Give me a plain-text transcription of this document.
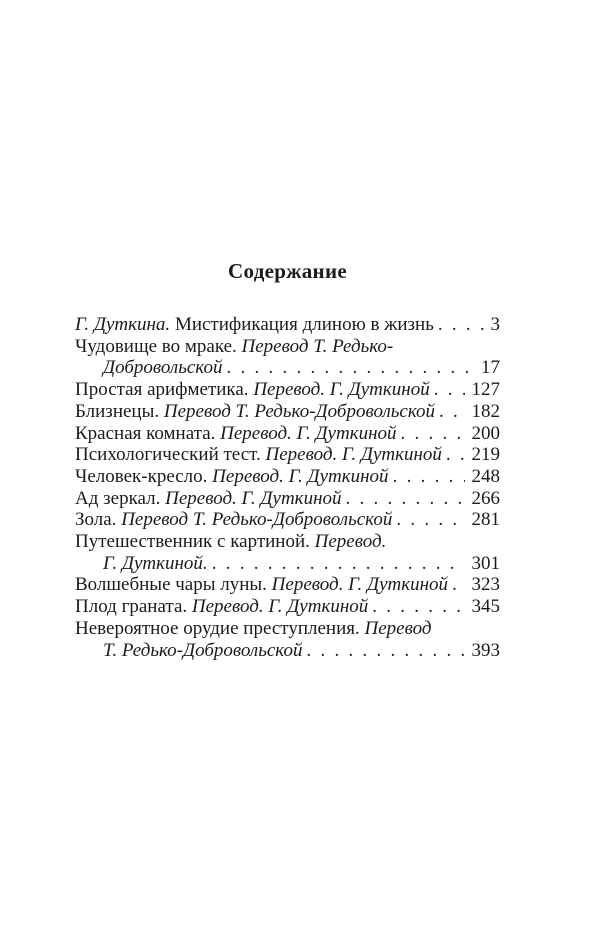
Содержание
Г. Дуткина. Мистификация длиною в жизнь . . .	3
Чудовище во мраке. Перевод Т. Редько-
Добровольской . . .	17
Простая арифметика. Перевод. Г. Дуткиной . . . 127
Близнецы. Перевод Т. Редько-Добровольской . . . 182
Красная комната. Перевод. Г. Дуткиной . . .	200
Психологический тест. Перевод. Г. Дуткиной . . . 219
Человек-кресло. Перевод. Г. Дуткиной . . .	248
Ад зеркал. Перевод. Г. Дуткиной . . .	266
Зола. Перевод Т. Редько-Добровольской . . .	281
Путешественник с картиной. Перевод.
Г. Дуткиной. . . .	301
Волшебные чары луны. Перевод. Г. Дуткиной . . . 323
Плод граната. Перевод. Г. Дуткиной . . .	345
Невероятное орудие преступления. Перевод
Т. Редько-Добровольской . . .	393
